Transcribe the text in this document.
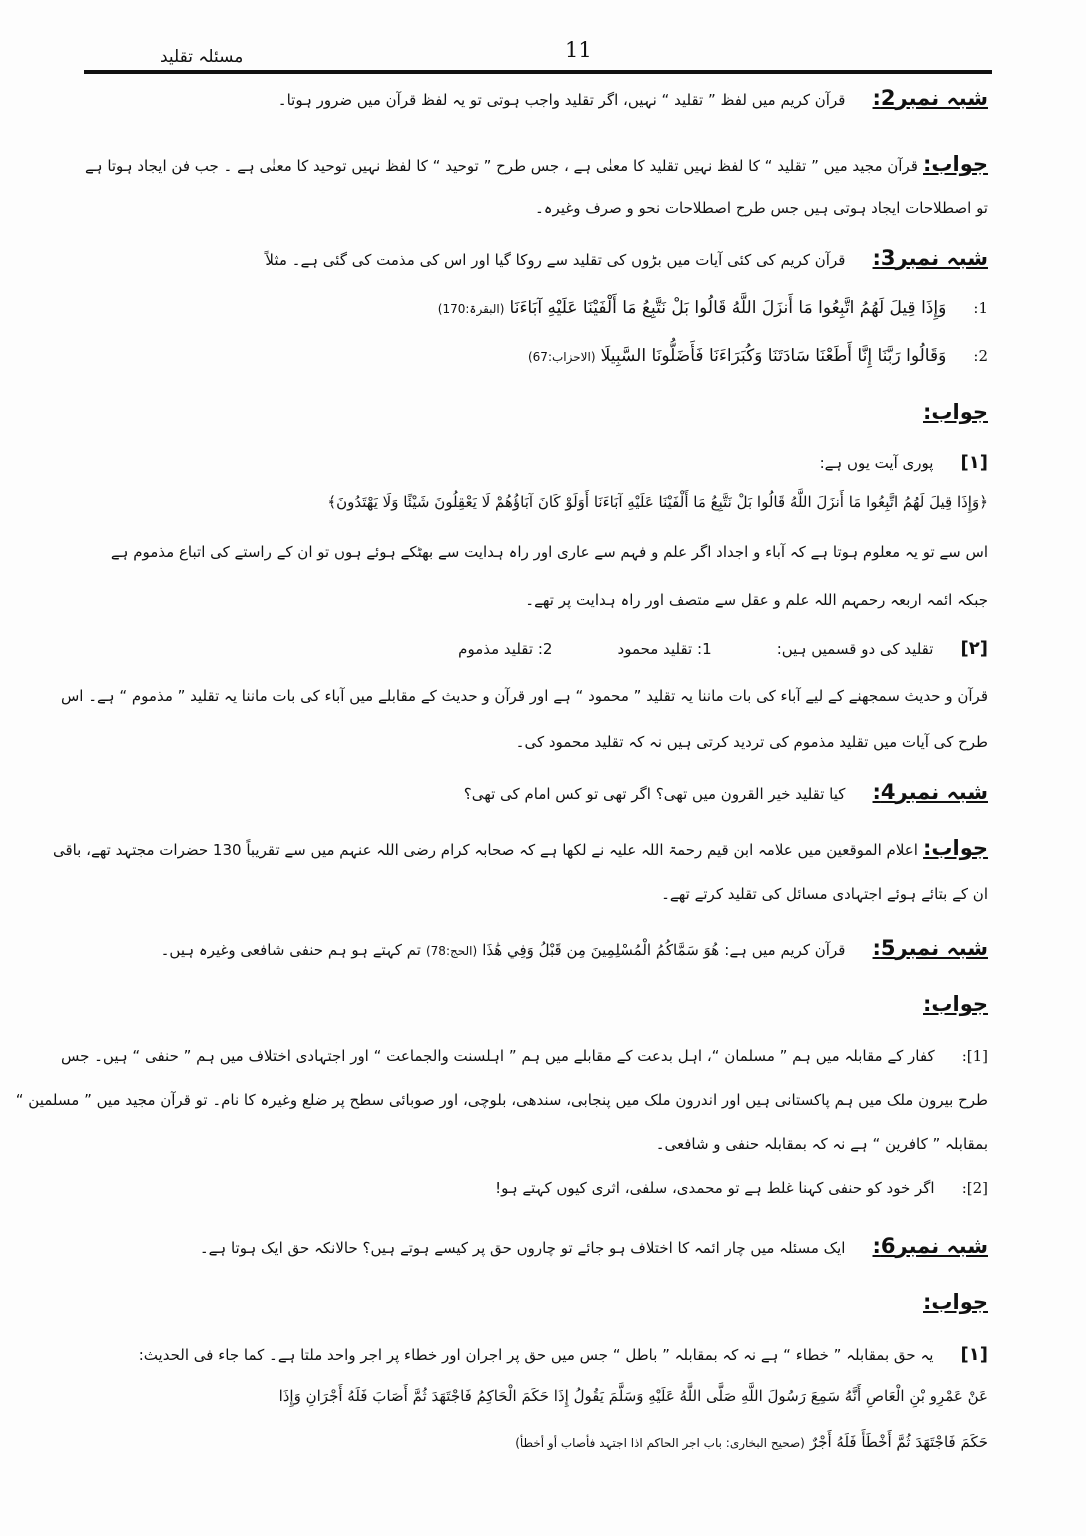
مسئلہ تقلید	11
شبہ نمبر2: قرآن کریم میں لفظ ” تقلید “ نہیں، اگر تقلید واجب ہوتی تو یہ لفظ قرآن میں ضرور ہوتا۔
جواب: قرآن مجید میں ” تقلید “ کا لفظ نہیں تقلید کا معنٰی ہے ، جس طرح ” توحید “ کا لفظ نہیں توحید کا معنٰی ہے ۔ جب فن ایجاد ہوتا ہے
تو اصطلاحات ایجاد ہوتی ہیں جس طرح اصطلاحات نحو و صرف وغیرہ۔
شبہ نمبر3: قرآن کریم کی کئی آیات میں بڑوں کی تقلید سے روکا گیا اور اس کی مذمت کی گئی ہے۔ مثلاً
1: وَإِذَا قِيلَ لَهُمُ اتَّبِعُوا مَا أَنزَلَ اللَّهُ قَالُوا بَلْ نَتَّبِعُ مَا أَلْفَيْنَا عَلَيْهِ آبَاءَنَا (البقرۃ:170)
2: وَقَالُوا رَبَّنَا إِنَّا أَطَعْنَا سَادَتَنَا وَكُبَرَاءَنَا فَأَضَلُّونَا السَّبِيلَا (الاحزاب:67)
جواب:
[۱] پوری آیت یوں ہے:
﴿وَإِذَا قِيلَ لَهُمُ اتَّبِعُوا مَا أَنزَلَ اللَّهُ قَالُوا بَلْ نَتَّبِعُ مَا أَلْفَيْنَا عَلَيْهِ آبَاءَنَا أَوَلَوْ كَانَ آبَاؤُهُمْ لَا يَعْقِلُونَ شَيْئًا وَلَا يَهْتَدُونَ﴾
اس سے تو یہ معلوم ہوتا ہے کہ آباء و اجداد اگر علم و فہم سے عاری اور راہ ہدایت سے بھٹکے ہوئے ہوں تو ان کے راستے کی اتباع مذموم ہے
جبکہ ائمہ اربعہ رحمہم اللہ علم و عقل سے متصف اور راہ ہدایت پر تھے۔
[۲] تقلید کی دو قسمیں ہیں: 1: تقلید محمود 2: تقلید مذموم
قرآن و حدیث سمجھنے کے لیے آباء کی بات ماننا یہ تقلید ” محمود “ ہے اور قرآن و حدیث کے مقابلے میں آباء کی بات ماننا یہ تقلید ” مذموم “ ہے۔ اس
طرح کی آیات میں تقلید مذموم کی تردید کرتی ہیں نہ کہ تقلید محمود کی۔
شبہ نمبر4: کیا تقلید خیر القرون میں تھی؟ اگر تھی تو کس امام کی تھی؟
جواب: اعلام الموقعین میں علامہ ابن قیم رحمۃ اللہ علیہ نے لکھا ہے کہ صحابہ کرام رضی اللہ عنہم میں سے تقریباً 130 حضرات مجتہد تھے، باقی
ان کے بتائے ہوئے اجتہادی مسائل کی تقلید کرتے تھے۔
شبہ نمبر5: قرآن کریم میں ہے: هُوَ سَمَّاكُمُ الْمُسْلِمِينَ مِن قَبْلُ وَفِي هَٰذَا (الحج:78) تم کہتے ہو ہم حنفی شافعی وغیرہ ہیں۔
جواب:
[1]: کفار کے مقابلہ میں ہم ” مسلمان “، اہل بدعت کے مقابلے میں ہم ” اہلسنت والجماعت “ اور اجتہادی اختلاف میں ہم ” حنفی “ ہیں۔ جس
طرح بیرون ملک میں ہم پاکستانی ہیں اور اندرون ملک میں پنجابی، سندھی، بلوچی، اور صوبائی سطح پر ضلع وغیرہ کا نام۔ تو قرآن مجید میں ” مسلمین “
بمقابلہ ” کافرین “ ہے نہ کہ بمقابلہ حنفی و شافعی۔
[2]: اگر خود کو حنفی کہنا غلط ہے تو محمدی، سلفی، اثری کیوں کہتے ہو!
شبہ نمبر6: ایک مسئلہ میں چار ائمہ کا اختلاف ہو جائے تو چاروں حق پر کیسے ہوتے ہیں؟ حالانکہ حق ایک ہوتا ہے۔
جواب:
[۱] یہ حق بمقابلہ ” خطاء “ ہے نہ کہ بمقابلہ ” باطل “ جس میں حق پر اجران اور خطاء پر اجر واحد ملتا ہے۔ کما جاء فی الحدیث:
عَنْ عَمْرِو بْنِ الْعَاصِ أَنَّهُ سَمِعَ رَسُولَ اللَّهِ صَلَّى اللَّهُ عَلَيْهِ وَسَلَّمَ يَقُولُ إِذَا حَكَمَ الْحَاكِمُ فَاجْتَهَدَ ثُمَّ أَصَابَ فَلَهُ أَجْرَانِ وَإِذَا
حَكَمَ فَاجْتَهَدَ ثُمَّ أَخْطَأَ فَلَهُ أَجْرٌ (صحیح البخاری: باب اجر الحاکم اذا اجتہد فأصاب أو أخطأ)
